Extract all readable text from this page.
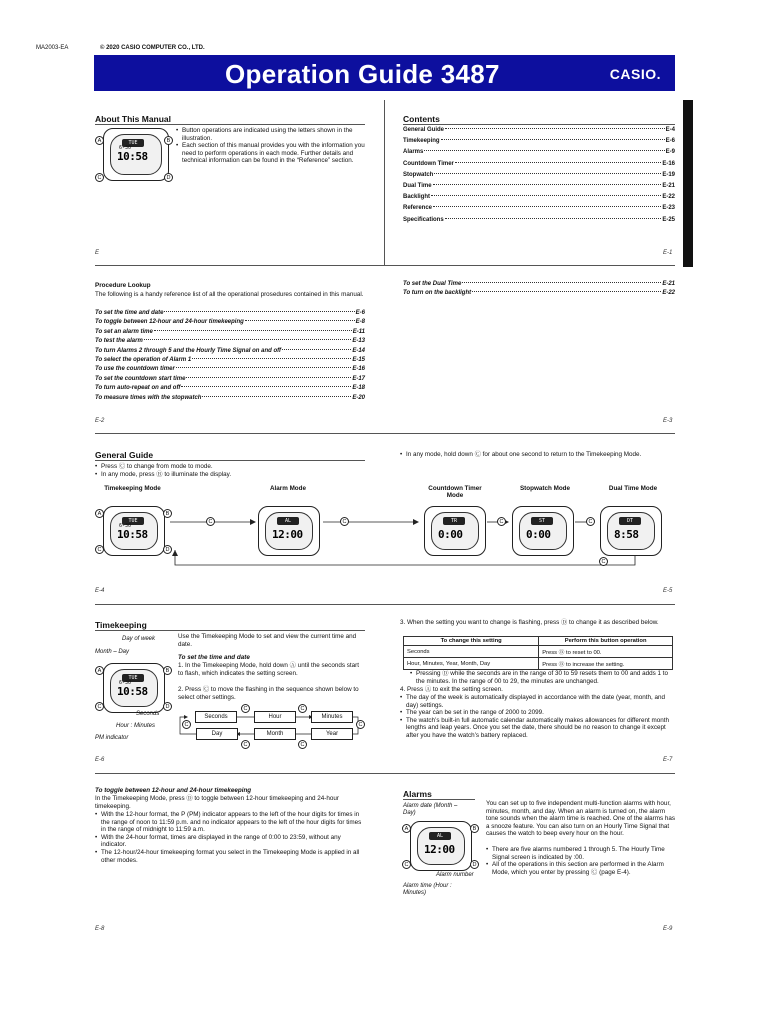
MA2003-EA	© 2020 CASIO COMPUTER CO., LTD.
Operation Guide 3487	CASIO.
About This Manual
TUE
6-30
10:58
A	B
C	D
• Button operations are indicated using the letters shown in the illustration.
• Each section of this manual provides you with the information you need to perform operations in each mode. Further details and technical information can be found in the “Reference” section.
E
Contents
General Guide	E-4
Timekeeping	E-6
Alarms	E-9
Countdown Timer	E-16
Stopwatch	E-19
Dual Time	E-21
Backlight	E-22
Reference	E-23
Specifications	E-25
E-1
Procedure Lookup
The following is a handy reference list of all the operational prosedures contained in this manual.
To set the time and date	E-6
To toggle between 12-hour and 24-hour timekeeping	E-8
To set an alarm time	E-11
To test the alarm	E-13
To turn Alarms 2 through 5 and the Hourly Time Signal on and off	E-14
To select the operation of Alarm 1	E-15
To use the countdown timer	E-16
To set the countdown start time	E-17
To turn auto-repeat on and off	E-18
To measure times with the stopwatch	E-20
To set the Dual Time	E-21
To turn on the backlight	E-22
E-2	E-3
General Guide
• Press Ⓒ to change from mode to mode.
• In any mode, press Ⓑ to illuminate the display.
• In any mode, hold down Ⓒ for about one second to return to the Timekeeping Mode.
Timekeeping Mode	Alarm Mode	Countdown Timer Mode
Stopwatch Mode	Dual Time Mode
C	C	C	C
C
TUE
6-30
10:58
AL
12:00
TR
0:00
ST
0:00
DT
8:58
A	B
C	D
E-4	E-5
Timekeeping
Day of week
Month – Day
TUE
6-30
10:58
A	B
C	D
Seconds
Hour : Minutes
PM indicator
Use the Timekeeping Mode to set and view the current time and date.
To set the time and date
1. In the Timekeeping Mode, hold down Ⓐ until the seconds start to flash, which indicates the setting screen.
2. Press Ⓒ to move the flashing in the sequence shown below to select other settings.
Seconds	Hour	Minutes
Day	Month	Year
C	C
C
C
C
C
3. When the setting you want to change is flashing, press Ⓓ to change it as described below.
To change this setting	Perform this button operation
Seconds	Press Ⓓ to reset to 00.
Hour, Minutes, Year, Month, Day	Press Ⓓ to increase the setting.
• Pressing Ⓓ while the seconds are in the range of 30 to 59 resets them to 00 and adds 1 to the minutes. In the range of 00 to 29, the minutes are unchanged.
4. Press Ⓐ to exit the setting screen.
• The day of the week is automatically displayed in accordance with the date (year, month, and day) settings.
• The year can be set in the range of 2000 to 2099.
• The watch’s built-in full automatic calendar automatically makes allowances for different month lengths and leap years. Once you set the date, there should be no reason to change it except after you have the watch’s battery replaced.
E-6	E-7
To toggle between 12-hour and 24-hour timekeeping
In the Timekeeping Mode, press Ⓓ to toggle between 12-hour timekeeping and 24-hour timekeeping.
• With the 12-hour format, the P (PM) indicator appears to the left of the hour digits for times in the range of noon to 11:59 p.m. and no indicator appears to the left of the hour digits for times in the range of midnight to 11:59 a.m.
• With the 24-hour format, times are displayed in the range of 0:00 to 23:59, without any indicator.
• The 12-hour/24-hour timekeeping format you select in the Timekeeping Mode is applied in all other modes.
E-8
Alarms
Alarm date (Month – Day)
AL
12:00
A	B
C	D
Alarm number
Alarm time (Hour : Minutes)
You can set up to five independent multi-function alarms with hour, minutes, month, and day. When an alarm is turned on, the alarm tone sounds when the alarm time is reached. One of the alarms has a snooze feature. You can also turn on an Hourly Time Signal that causes the watch to beep every hour on the hour.
• There are five alarms numbered 1 through 5. The Hourly Time Signal screen is indicated by :00.
• All of the operations in this section are performed in the Alarm Mode, which you enter by pressing Ⓒ (page E-4).
E-9
